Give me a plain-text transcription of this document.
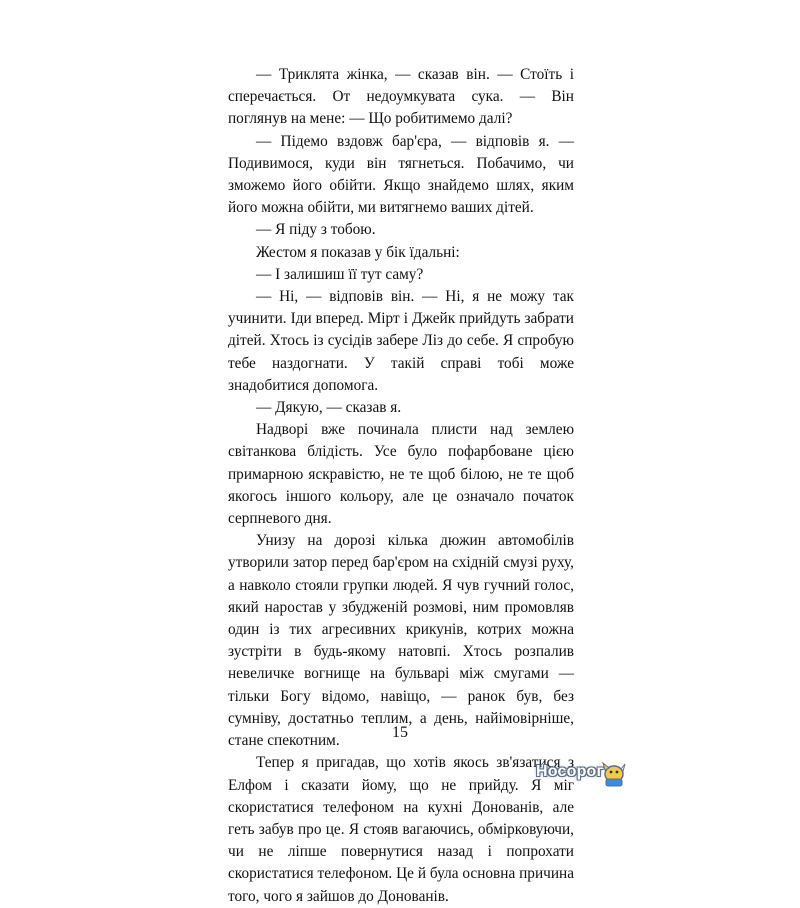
— Триклята жінка, — сказав він. — Стоїть і сперечається. От недоумкувата сука. — Він поглянув на мене: — Що робитимемо далі?

— Підемо вздовж бар'єра, — відповів я. — Подивимося, куди він тягнеться. Побачимо, чи зможемо його обійти. Якщо знайдемо шлях, яким його можна обійти, ми витягнемо ваших дітей.

— Я піду з тобою.

Жестом я показав у бік їдальні:

— І залишиш її тут саму?

— Ні, — відповів він. — Ні, я не можу так учинити. Іди вперед. Мірт і Джейк прийдуть забрати дітей. Хтось із сусідів забере Ліз до себе. Я спробую тебе наздогнати. У такій справі тобі може знадобитися допомога.

— Дякую, — сказав я.

Надворі вже починала плисти над землею світанкова блідість. Усе було пофарбоване цією примарною яскравістю, не те щоб білою, не те щоб якогось іншого кольору, але це означало початок серпневого дня.

Унизу на дорозі кілька дюжин автомобілів утворили затор перед бар'єром на східній смузі руху, а навколо стояли групки людей. Я чув гучний голос, який наростав у збудженій розмові, ним промовляв один із тих агресивних крикунів, котрих можна зустріти в будь-якому натовпі. Хтось розпалив невеличке вогнище на бульварі між смугами — тільки Богу відомо, навіщо, — ранок був, без сумніву, достатньо теплим, а день, найімовірніше, стане спекотним.

Тепер я пригадав, що хотів якось зв'язатися з Елфом і сказати йому, що не прийду. Я міг скористатися телефоном на кухні Донованів, але геть забув про це. Я стояв вагаючись, обмірковуючи, чи не ліпше повернутися назад і попрохати скористатися телефоном. Це й була основна причина того, чого я зайшов до Донованів.

15
Носорог
